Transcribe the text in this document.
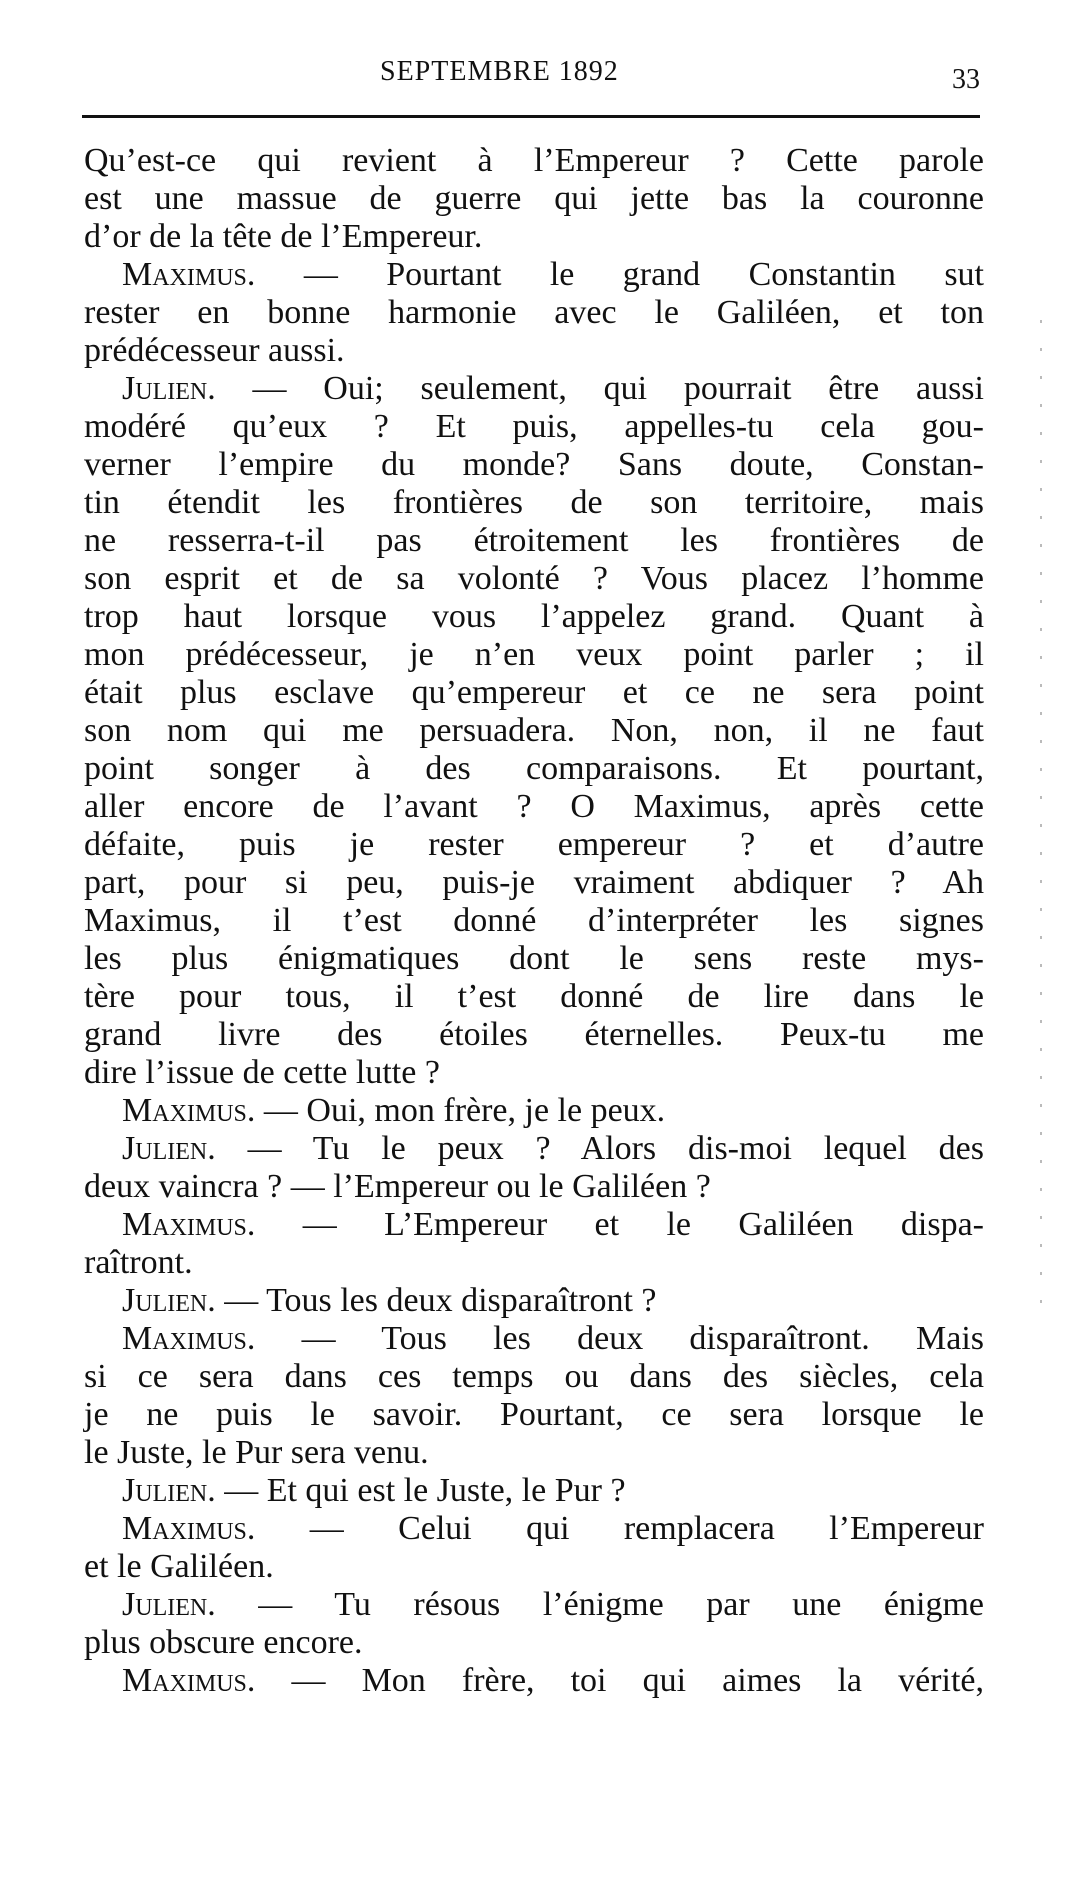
SEPTEMBRE 1892	33
Qu’est-ce qui revient à l’Empereur ? Cette parole
est une massue de guerre qui jette bas la couronne
d’or de la tête de l’Empereur.
Maximus. — Pourtant le grand Constantin sut
rester en bonne harmonie avec le Galiléen, et ton
prédécesseur aussi.
Julien. — Oui; seulement, qui pourrait être aussi
modéré qu’eux ? Et puis, appelles-tu cela gou-
verner l’empire du monde? Sans doute, Constan-
tin étendit les frontières de son territoire, mais
ne resserra-t-il pas étroitement les frontières de
son esprit et de sa volonté ? Vous placez l’homme
trop haut lorsque vous l’appelez grand. Quant à
mon prédécesseur, je n’en veux point parler ; il
était plus esclave qu’empereur et ce ne sera point
son nom qui me persuadera. Non, non, il ne faut
point songer à des comparaisons. Et pourtant,
aller encore de l’avant ? O Maximus, après cette
défaite, puis je rester empereur ? et d’autre
part, pour si peu, puis-je vraiment abdiquer ? Ah
Maximus, il t’est donné d’interpréter les signes
les plus énigmatiques dont le sens reste mys-
tère pour tous, il t’est donné de lire dans le
grand livre des étoiles éternelles. Peux-tu me
dire l’issue de cette lutte ?
Maximus. — Oui, mon frère, je le peux.
Julien. — Tu le peux ? Alors dis-moi lequel des
deux vaincra ? — l’Empereur ou le Galiléen ?
Maximus. — L’Empereur et le Galiléen dispa-
raîtront.
Julien. — Tous les deux disparaîtront ?
Maximus. — Tous les deux disparaîtront. Mais
si ce sera dans ces temps ou dans des siècles, cela
je ne puis le savoir. Pourtant, ce sera lorsque le
le Juste, le Pur sera venu.
Julien. — Et qui est le Juste, le Pur ?
Maximus. — Celui qui remplacera l’Empereur
et le Galiléen.
Julien. — Tu résous l’énigme par une énigme
plus obscure encore.
Maximus. — Mon frère, toi qui aimes la vérité,
